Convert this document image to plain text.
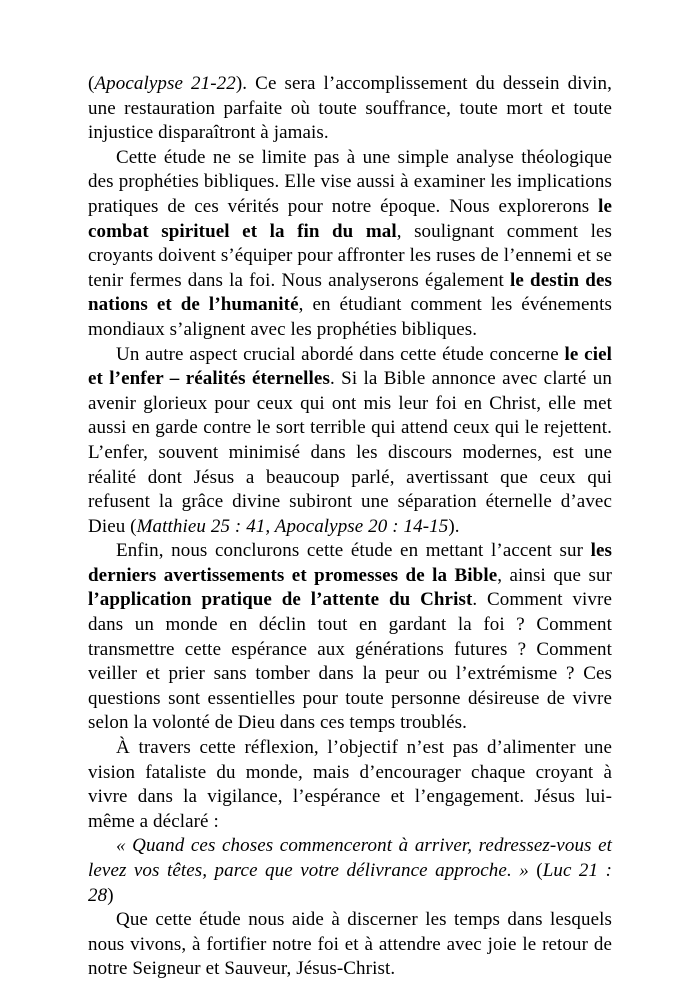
(Apocalypse 21-22). Ce sera l’accomplissement du dessein divin, une restauration parfaite où toute souffrance, toute mort et toute injustice disparaîtront à jamais.

Cette étude ne se limite pas à une simple analyse théologique des prophéties bibliques. Elle vise aussi à examiner les implications pratiques de ces vérités pour notre époque. Nous explorerons le combat spirituel et la fin du mal, soulignant comment les croyants doivent s’équiper pour affronter les ruses de l’ennemi et se tenir fermes dans la foi. Nous analyserons également le destin des nations et de l’humanité, en étudiant comment les événements mondiaux s’alignent avec les prophéties bibliques.

Un autre aspect crucial abordé dans cette étude concerne le ciel et l’enfer – réalités éternelles. Si la Bible annonce avec clarté un avenir glorieux pour ceux qui ont mis leur foi en Christ, elle met aussi en garde contre le sort terrible qui attend ceux qui le rejettent. L’enfer, souvent minimisé dans les discours modernes, est une réalité dont Jésus a beaucoup parlé, avertissant que ceux qui refusent la grâce divine subiront une séparation éternelle d’avec Dieu (Matthieu 25 : 41, Apocalypse 20 : 14-15).

Enfin, nous conclurons cette étude en mettant l’accent sur les derniers avertissements et promesses de la Bible, ainsi que sur l’application pratique de l’attente du Christ. Comment vivre dans un monde en déclin tout en gardant la foi ? Comment transmettre cette espérance aux générations futures ? Comment veiller et prier sans tomber dans la peur ou l’extrémisme ? Ces questions sont essentielles pour toute personne désireuse de vivre selon la volonté de Dieu dans ces temps troublés.

À travers cette réflexion, l’objectif n’est pas d’alimenter une vision fataliste du monde, mais d’encourager chaque croyant à vivre dans la vigilance, l’espérance et l’engagement. Jésus lui-même a déclaré :

« Quand ces choses commenceront à arriver, redressez-vous et levez vos têtes, parce que votre délivrance approche. » (Luc 21 : 28)

Que cette étude nous aide à discerner les temps dans lesquels nous vivons, à fortifier notre foi et à attendre avec joie le retour de notre Seigneur et Sauveur, Jésus-Christ.
